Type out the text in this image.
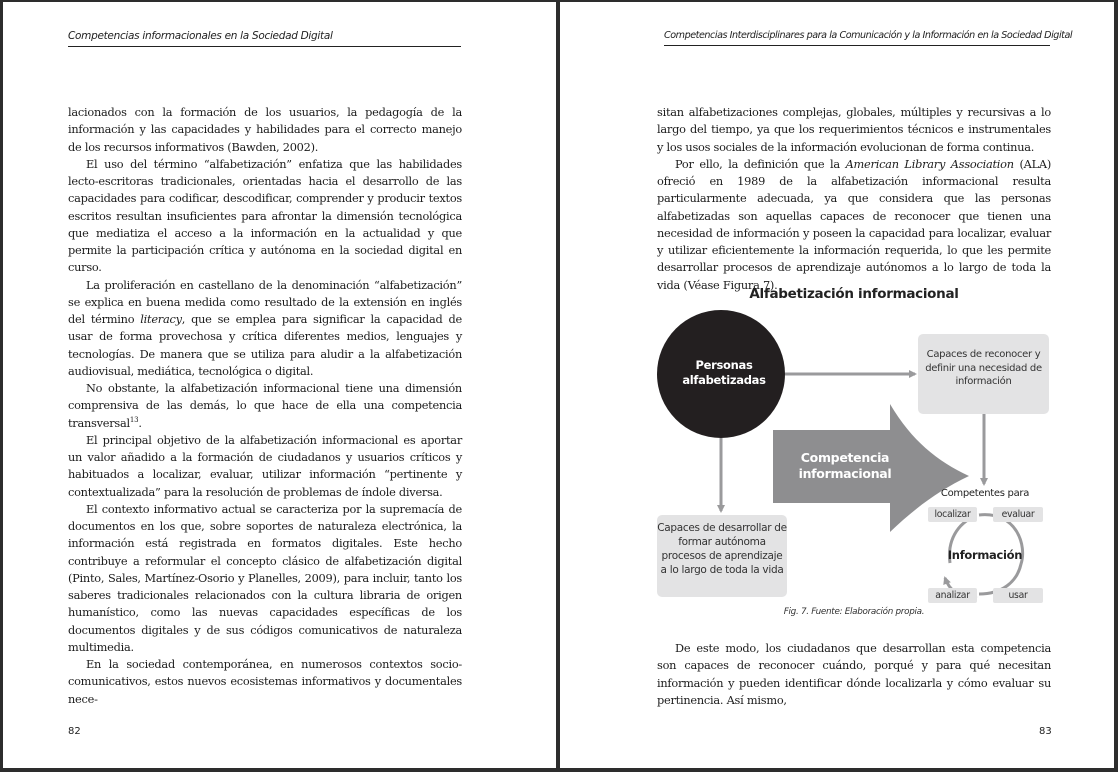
Competencias informacionales en la Sociedad Digital

lacionados con la formación de los usuarios, la pedagogía de la información y las capacidades y habilidades para el correcto manejo de los recursos informativos (Bawden, 2002).

El uso del término “alfabetización” enfatiza que las habilidades lecto-escritoras tradicionales, orientadas hacia el desarrollo de las capacidades para codificar, descodificar, comprender y producir textos escritos resultan insuficientes para afrontar la dimensión tecnológica que mediatiza el acceso a la información en la actualidad y que permite la participación crítica y autónoma en la sociedad digital en curso.

La proliferación en castellano de la denominación “alfabetización” se explica en buena medida como resultado de la extensión en inglés del término literacy, que se emplea para significar la capacidad de usar de forma provechosa y crítica diferentes medios, lenguajes y tecnologías. De manera que se utiliza para aludir a la alfabetización audiovisual, mediática, tecnológica o digital.

No obstante, la alfabetización informacional tiene una dimensión comprensiva de las demás, lo que hace de ella una competencia transversal$^{13}$.

El principal objetivo de la alfabetización informacional es aportar un valor añadido a la formación de ciudadanos y usuarios críticos y habituados a localizar, evaluar, utilizar información “pertinente y contextualizada” para la resolución de problemas de índole diversa.

El contexto informativo actual se caracteriza por la supremacía de documentos en los que, sobre soportes de naturaleza electrónica, la información está registrada en formatos digitales. Este hecho contribuye a reformular el concepto clásico de alfabetización digital (Pinto, Sales, Martínez-Osorio y Planelles, 2009), para incluir, tanto los saberes tradicionales relacionados con la cultura libraria de origen humanístico, como las nuevas capacidades específicas de los documentos digitales y de sus códigos comunicativos de naturaleza multimedia.

En la sociedad contemporánea, en numerosos contextos socio-comunicativos, estos nuevos ecosistemas informativos y documentales nece-

82
Competencias Interdisciplinares para la Comunicación y la Información en la Sociedad Digital

sitan alfabetizaciones complejas, globales, múltiples y recursivas a lo largo del tiempo, ya que los requerimientos técnicos e instrumentales y los usos sociales de la información evolucionan de forma continua.

Por ello, la definición que la American Library Association (ALA) ofreció en 1989 de la alfabetización informacional resulta particularmente adecuada, ya que considera que las personas alfabetizadas son aquellas capaces de reconocer que tienen una necesidad de información y poseen la capacidad para localizar, evaluar y utilizar eficientemente la información requerida, lo que les permite desarrollar procesos de aprendizaje autónomos a lo largo de toda la vida (Véase Figura 7).

Alfabetización informacional
Personas alfabetizadas
Capaces de reconocer y definir una necesidad de información
Capaces de desarrollar de formar autónoma procesos de aprendizaje a lo largo de toda la vida
Competencia informacional
Competentes para
localizar	evaluar
usar
analizar
Información
Fig. 7. Fuente: Elaboración propia.

De este modo, los ciudadanos que desarrollan esta competencia son capaces de reconocer cuándo, porqué y para qué necesitan información y pueden identificar dónde localizarla y cómo evaluar su pertinencia. Así mismo,

83
